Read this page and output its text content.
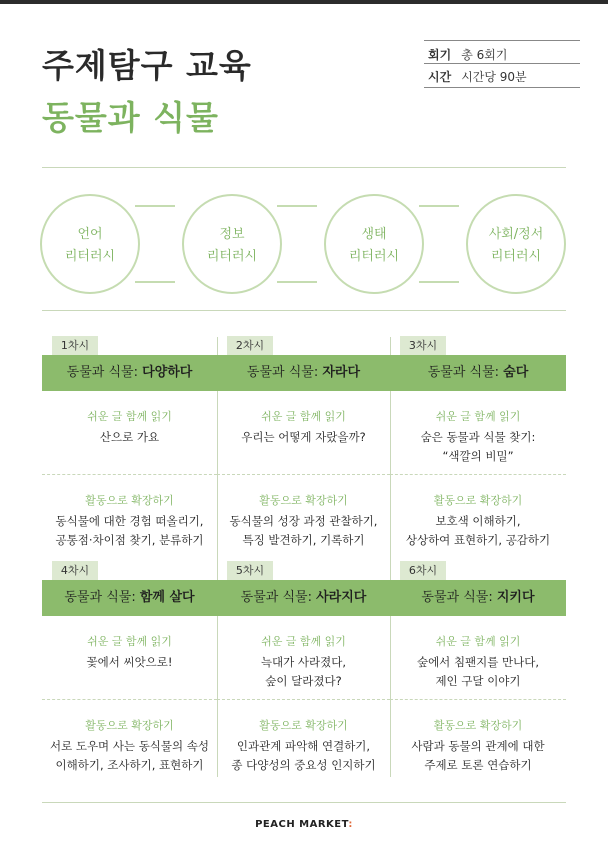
주제탐구 교육
동물과 식물
회기 총 6회기
시간 시간당 90분
언어
리터러시
정보
리터러시
생태
리터러시
사회/정서
리터러시
1차시
동물과 식물: 다양하다
쉬운 글 함께 읽기
산으로 가요
활동으로 확장하기
동식물에 대한 경험 떠올리기,
공통점·차이점 찾기, 분류하기
2차시
동물과 식물: 자라다
쉬운 글 함께 읽기
우리는 어떻게 자랐을까?
활동으로 확장하기
동식물의 성장 과정 관찰하기,
특징 발견하기, 기록하기
3차시
동물과 식물: 숨다
쉬운 글 함께 읽기
숨은 동물과 식물 찾기:
“색깔의 비밀”
활동으로 확장하기
보호색 이해하기,
상상하여 표현하기, 공감하기
4차시
동물과 식물: 함께 살다
쉬운 글 함께 읽기
꽃에서 씨앗으로!
활동으로 확장하기
서로 도우며 사는 동식물의 속성
이해하기, 조사하기, 표현하기
5차시
동물과 식물: 사라지다
쉬운 글 함께 읽기
늑대가 사라졌다,
숲이 달라졌다?
활동으로 확장하기
인과관계 파악해 연결하기,
종 다양성의 중요성 인지하기
6차시
동물과 식물: 지키다
쉬운 글 함께 읽기
숲에서 침팬지를 만나다,
제인 구달 이야기
활동으로 확장하기
사람과 동물의 관계에 대한
주제로 토론 연습하기
PEACH MARKET:
